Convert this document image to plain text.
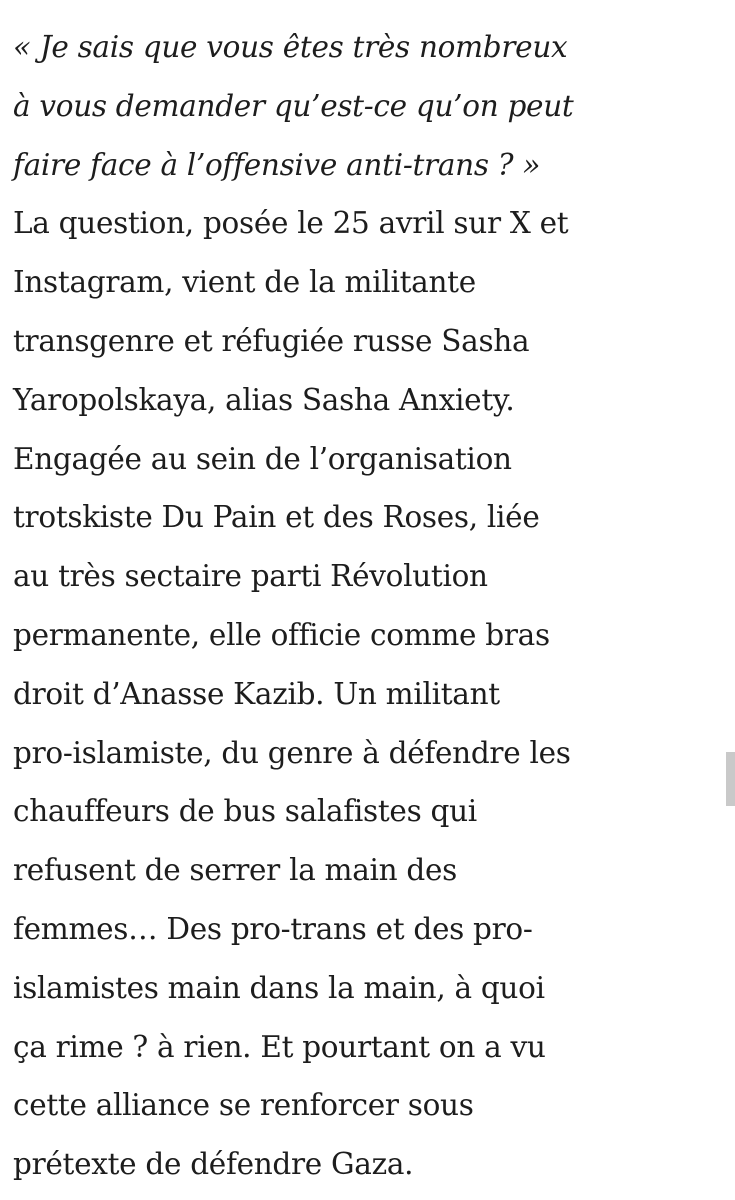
« Je sais que vous êtes très nombreux
à vous demander qu’est-ce qu’on peut
faire face à l’offensive anti-trans ? »
La question, posée le 25 avril sur X et
Instagram, vient de la militante
transgenre et réfugiée russe Sasha
Yaropolskaya, alias Sasha Anxiety.
Engagée au sein de l’organisation
trotskiste Du Pain et des Roses, liée
au très sectaire parti Révolution
permanente, elle officie comme bras
droit d’Anasse Kazib. Un militant
pro-islamiste, du genre à défendre les
chauffeurs de bus salafistes qui
refusent de serrer la main des
femmes… Des pro-trans et des pro-
islamistes main dans la main, à quoi
ça rime ? à rien. Et pourtant on a vu
cette alliance se renforcer sous
prétexte de défendre Gaza.
